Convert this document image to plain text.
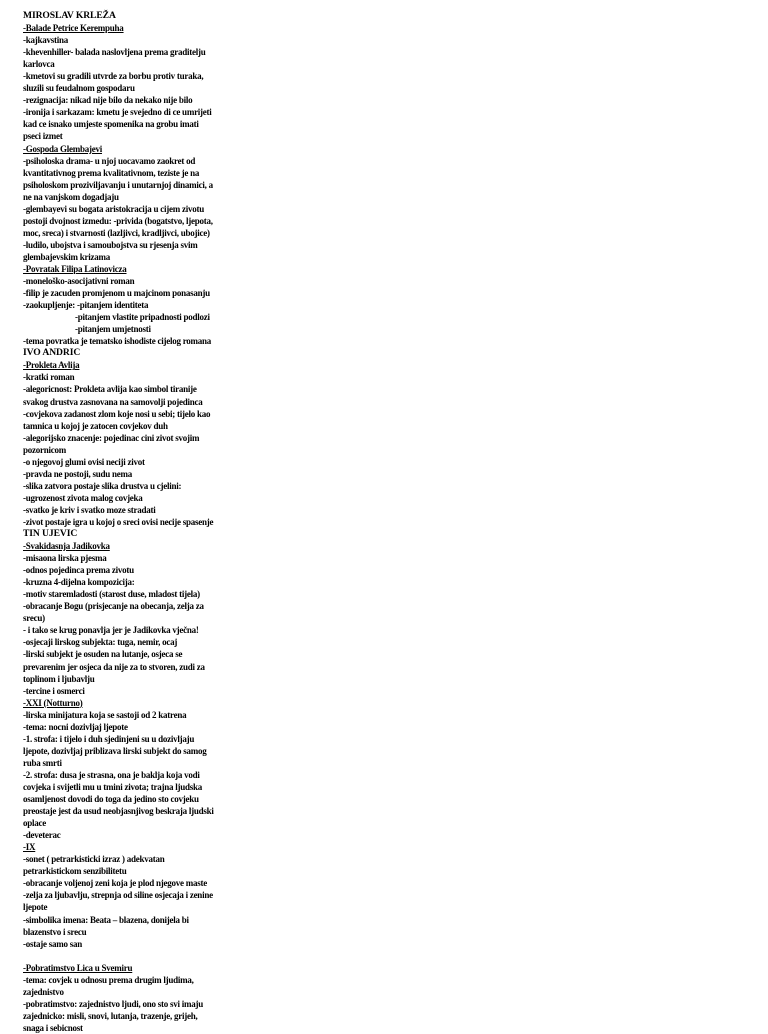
MIROSLAV KRLEŽA
-Balade Petrice Kerempuha
-kajkavstina
-khevenhiller- balada naslovljena prema graditelju
karlovca
-kmetovi su gradili utvrde za borbu protiv turaka,
sluzili su feudalnom gospodaru
-rezignacija: nikad nije bilo da nekako nije bilo
-ironija i sarkazam: kmetu je svejedno di ce umrijeti
kad ce isnako umjeste spomenika na grobu imati
pseci izmet
-Gospoda Glembajevi
-psiholoska drama- u njoj uocavamo zaokret od
kvantitativnog prema kvalitativnom, teziste je na
psiholoskom proziviljavanju i unutarnjoj dinamici, a
ne na vanjskom dogadjaju
-glembayevi su bogata aristokracija u cijem zivotu
postoji dvojnost izmedu: -privida (bogatstvo, ljepota,
moc, sreca) i stvarnosti (lazljivci, kradljivci, ubojice)
-ludilo, ubojstva i samoubojstva su rjesenja svim
glembajevskim krizama
-Povratak Filipa Latinovicza
-moneloško-asocijativni roman
-filip je zacuden promjenom u majcinom ponasanju
-zaokupljenje: -pitanjem identiteta
-pitanjem vlastite pripadnosti podlozi
-pitanjem umjetnosti
-tema povratka je tematsko ishodiste cijelog romana
IVO ANDRIC
-Prokleta Avlija
-kratki roman
-alegoricnost: Prokleta avlija kao simbol tiranije
svakog drustva zasnovana na samovolji pojedinca
-covjekova zadanost zlom koje nosi u sebi; tijelo kao
tamnica u kojoj je zatocen covjekov duh
-alegorijsko znacenje: pojedinac cini zivot svojim
pozornicom
-o njegovoj glumi ovisi neciji zivot
-pravda ne postoji, sudu nema
-slika zatvora postaje slika drustva u cjelini:
-ugrozenost zivota malog covjeka
-svatko je kriv i svatko moze stradati
-zivot postaje igra u kojoj o sreci ovisi necije spasenje
TIN UJEVIC
-Svakidasnja Jadikovka
-misaona lirska pjesma
-odnos pojedinca prema zivotu
-kruzna 4-dijelna kompozicija:
-motiv staremladosti (starost duse, mladost tijela)
-obracanje Bogu (prisjecanje na obecanja, zelja za
srecu)
- i tako se krug ponavlja jer je Jadikovka vječna!
-osjecaji lirskog subjekta: tuga, nemir, ocaj
-lirski subjekt je osuden na lutanje, osjeca se
prevarenim jer osjeca da nije za to stvoren, zudi za
toplinom i ljubavlju
-tercine i osmerci
-XXI (Notturno)
-lirska minijatura koja se sastoji od 2 katrena
-tema: nocni dozivljaj ljepote
-1. strofa: i tijelo i duh sjedinjeni su u dozivljaju
ljepote, dozivljaj priblizava lirski subjekt do samog
ruba smrti
-2. strofa: dusa je strasna, ona je baklja koja vodi
covjeka i svijetli mu u tmini zivota; trajna ljudska
osamljenost dovodi do toga da jedino sto covjeku
preostaje jest da usud neobjasnjivog beskraja ljudski
oplace
-deveterac
-IX
-sonet ( petrarkisticki izraz ) adekvatan
petrarkistickom senzibilitetu
-obracanje voljenoj zeni koja je plod njegove maste
-zelja za ljubavlju, strepnja od siline osjecaja i zenine
ljepote
-simbolika imena: Beata – blazena, donijela bi
blazenstvo i srecu
-ostaje samo san
-Pobratimstvo Lica u Svemiru
-tema: covjek u odnosu prema drugim ljudima,
zajednistvo
-pobratimstvo: zajednistvo ljudi, ono sto svi imaju
zajednicko: misli, snovi, lutanja, trazenje, grijeh,
snaga i sebicnost
